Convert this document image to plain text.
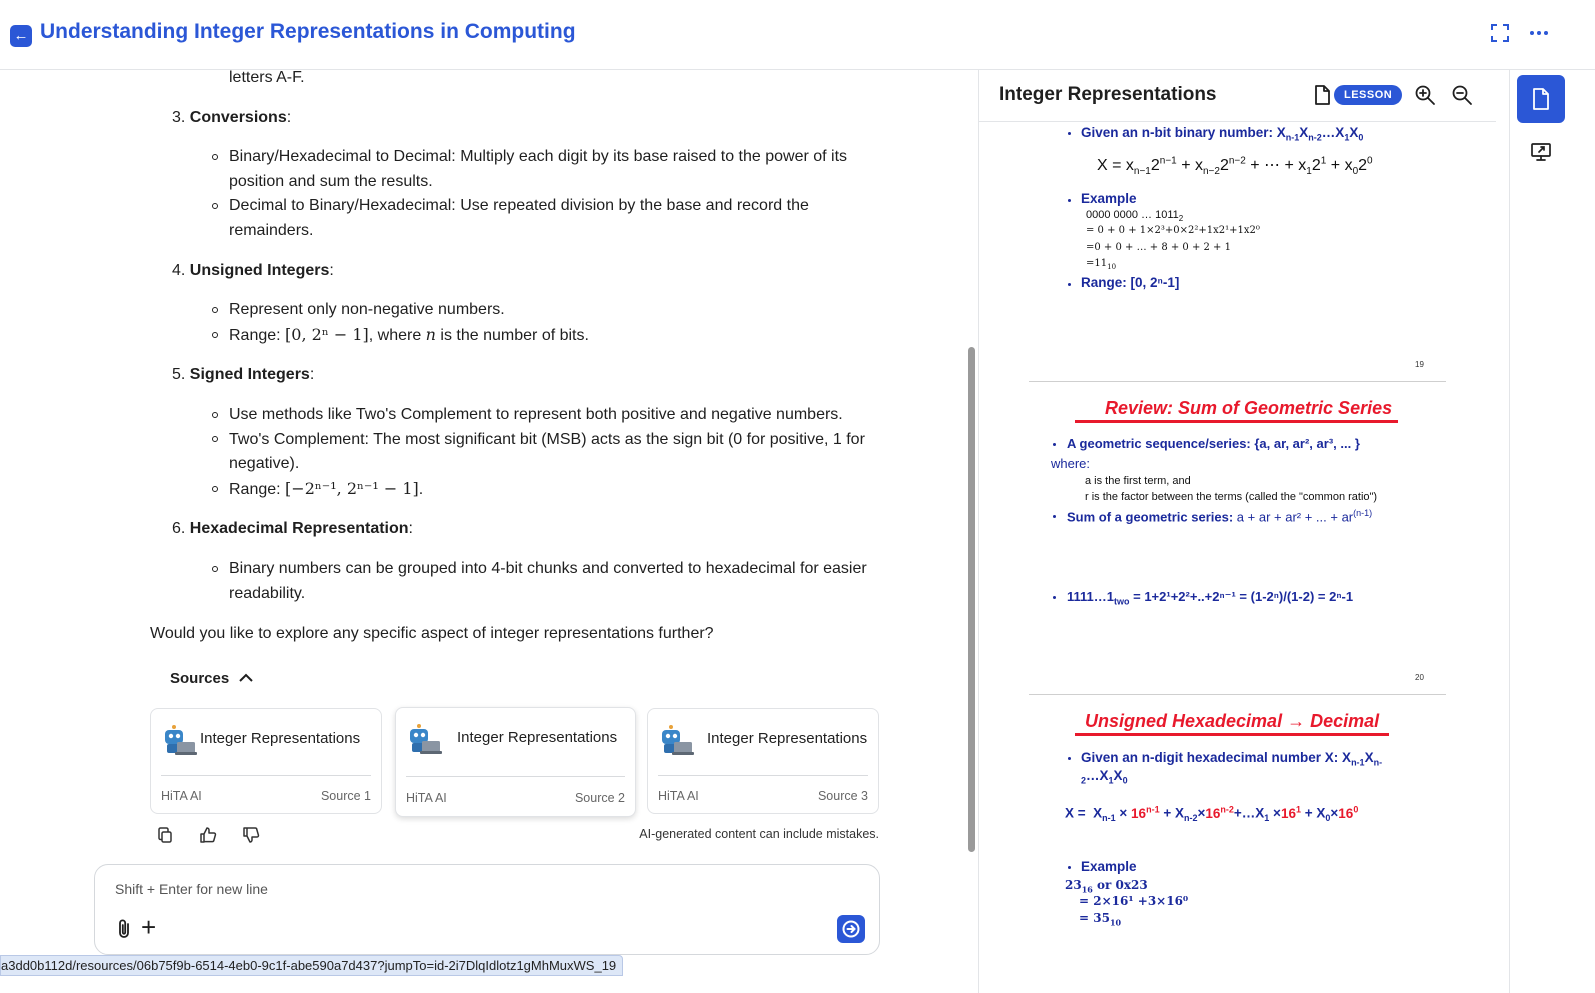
← Understanding Integer Representations in Computing
letters A-F.
3. Conversions:
Binary/Hexadecimal to Decimal: Multiply each digit by its base raised to the power of its
position and sum the results.
Decimal to Binary/Hexadecimal: Use repeated division by the base and record the
remainders.
4. Unsigned Integers:
Represent only non-negative numbers.
Range: [0, 2ⁿ − 1], where n is the number of bits.
5. Signed Integers:
Use methods like Two's Complement to represent both positive and negative numbers.
Two's Complement: The most significant bit (MSB) acts as the sign bit (0 for positive, 1 for
negative).
Range: [−2ⁿ⁻¹, 2ⁿ⁻¹ − 1].
6. Hexadecimal Representation:
Binary numbers can be grouped into 4-bit chunks and converted to hexadecimal for easier
readability.
Would you like to explore any specific aspect of integer representations further?
Sources
Integer Representations
HiTA AI	Source 1
Integer Representations
HiTA AI	Source 2
Integer Representations
HiTA AI	Source 3
AI-generated content can include mistakes.
Shift + Enter for new line
+
a3dd0b112d/resources/06b75f9b-6514-4eb0-9c1f-abe590a7d437?jumpTo=id-2i7DlqIdlotz1gMhMuxWS_19
Integer Representations	LESSON
Given an n-bit binary number: $X_{n-1}X_{n-2}\dots X_1X_0$
$X = x_{n-1}2^{n-1} + x_{n-2}2^{n-2}$ + ⋯ + $x_12^1 + x_02^0$
Example
0000 0000 … $1011_2$
= 0 + 0 + 1×2³+0×2²+1x2¹+1x2⁰
=0 + 0 + … + 8 + 0 + 2 + 1
$=11_{10}$
Range: [0, 2ⁿ-1]
19
Review: Sum of Geometric Series
A geometric sequence/series: {a, ar, ar², ar³, ... }
where:
a is the first term, and
r is the factor between the terms (called the "common ratio")
Sum of a geometric series: a + ar + ar² + ... + $ar^{(n-1)}$
$1111\dots 1_{two} = 1+2^1+2^2+..+2^{n-1} = (1-2^n)/(1-2) = 2^n-1$
20
Unsigned Hexadecimal → Decimal
Given an n-digit hexadecimal number X: $X_{n-1}X_{n-}$
$_2\dots X_1X_0$
$X = X_{n-1} \times 16^{n-1}$ + $X_{n-2}\times 16^{n-2}+\dots X_1 \times 16^1 + X_0\times 16^0$
Example
$23_{16}$ or 0x23
= 2×16¹ +3×16⁰
= $35_{10}$
